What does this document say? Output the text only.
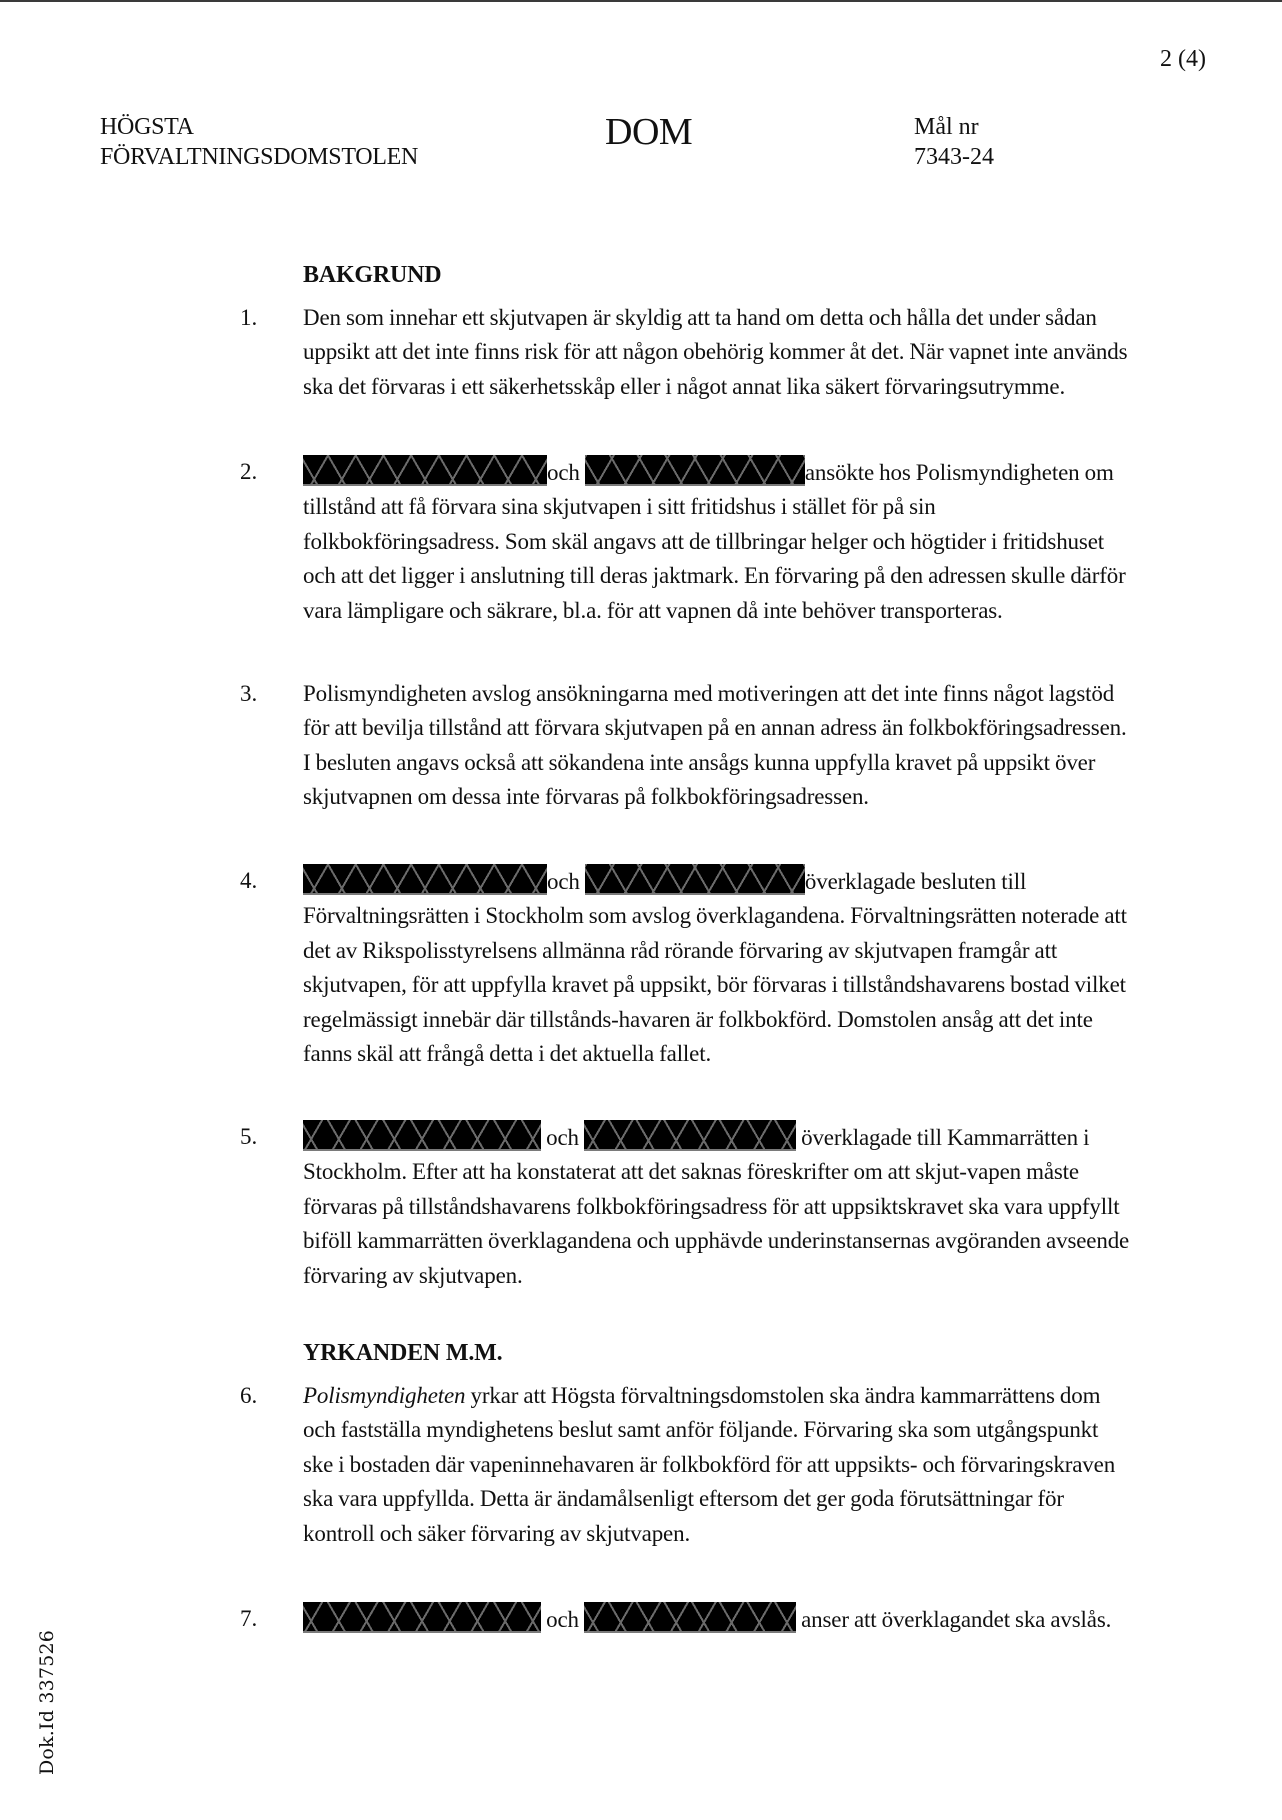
2 (4)
HÖGSTA
FÖRVALTNINGSDOMSTOLEN
DOM	Mål nr
7343-24
BAKGRUND
1. Den som innehar ett skjutvapen är skyldig att ta hand om detta och hålla det under sådan uppsikt att det inte finns risk för att någon obehörig kommer åt det. När vapnet inte används ska det förvaras i ett säkerhetsskåp eller i något annat lika säkert förvaringsutrymme.
2.	och	ansökte hos Polismyndigheten om tillstånd att få förvara sina skjutvapen i sitt fritidshus i stället för på sin folkbokföringsadress. Som skäl angavs att de tillbringar helger och högtider i fritidshuset och att det ligger i anslutning till deras jaktmark. En förvaring på den adressen skulle därför vara lämpligare och säkrare, bl.a. för att vapnen då inte behöver transporteras.
3. Polismyndigheten avslog ansökningarna med motiveringen att det inte finns något lagstöd för att bevilja tillstånd att förvara skjutvapen på en annan adress än folkbokföringsadressen. I besluten angavs också att sökandena inte ansågs kunna uppfylla kravet på uppsikt över skjutvapnen om dessa inte förvaras på folkbokföringsadressen.
4.	och	överklagade besluten till Förvaltningsrätten i Stockholm som avslog överklagandena. Förvaltningsrätten noterade att det av Rikspolisstyrelsens allmänna råd rörande förvaring av skjutvapen framgår att skjutvapen, för att uppfylla kravet på uppsikt, bör förvaras i tillståndshavarens bostad vilket regelmässigt innebär där tillstånds-havaren är folkbokförd. Domstolen ansåg att det inte fanns skäl att frångå detta i det aktuella fallet.
5.	och	överklagade till Kammarrätten i Stockholm. Efter att ha konstaterat att det saknas föreskrifter om att skjut-vapen måste förvaras på tillståndshavarens folkbokföringsadress för att uppsiktskravet ska vara uppfyllt biföll kammarrätten överklagandena och upphävde underinstansernas avgöranden avseende förvaring av skjutvapen.
YRKANDEN M.M.
6. Polismyndigheten yrkar att Högsta förvaltningsdomstolen ska ändra kammarrättens dom och fastställa myndighetens beslut samt anför följande. Förvaring ska som utgångspunkt ske i bostaden där vapeninnehavaren är folkbokförd för att uppsikts- och förvaringskraven ska vara uppfyllda. Detta är ändamålsenligt eftersom det ger goda förutsättningar för kontroll och säker förvaring av skjutvapen.
7.	och	anser att överklagandet ska avslås.
Dok.Id 337526
